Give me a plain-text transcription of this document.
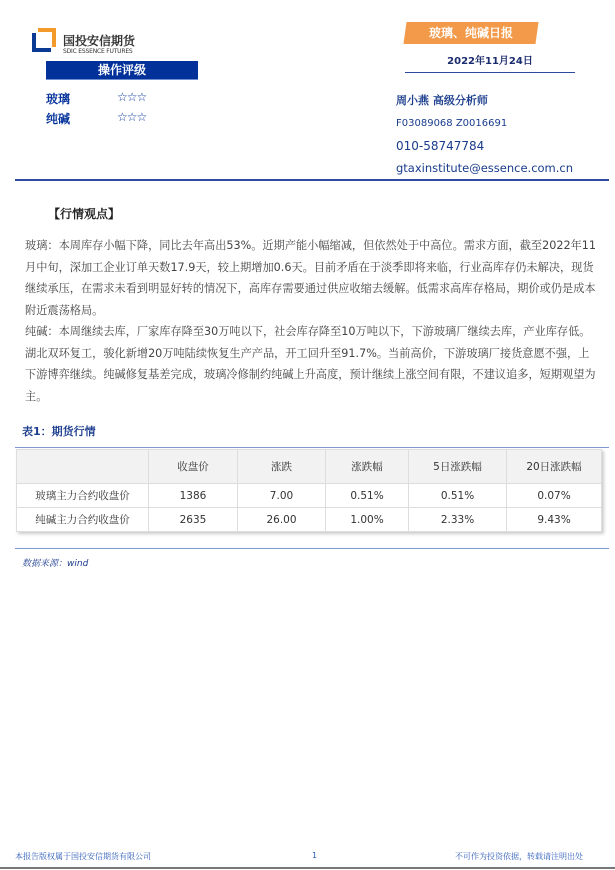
国投安信期货
SDIC ESSENCE FUTURES
玻璃、纯碱日报
2022年11月24日
操作评级
玻璃	☆☆☆
纯碱	☆☆☆
周小燕 高级分析师
F03089068 Z0016691
010-58747784
gtaxinstitute@essence.com.cn
【行情观点】

玻璃：本周库存小幅下降，同比去年高出53%。近期产能小幅缩减，但依然处于中高位。需求方面，截至2022年11月中旬，深加工企业订单天数17.9天，较上期增加0.6天。目前矛盾在于淡季即将来临，行业高库存仍未解决，现货继续承压，在需求未看到明显好转的情况下，高库存需要通过供应收缩去缓解。低需求高库存格局，期价或仍是成本附近震荡格局。

纯碱：本周继续去库，厂家库存降至30万吨以下，社会库存降至10万吨以下，下游玻璃厂继续去库，产业库存低。湖北双环复工，骏化新增20万吨陆续恢复生产产品，开工回升至91.7%。当前高价，下游玻璃厂接货意愿不强，上下游博弈继续。纯碱修复基差完成，玻璃冷修制约纯碱上升高度，预计继续上涨空间有限，不建议追多，短期观望为主。

表1：期货行情
	收盘价	涨跌	涨跌幅	5日涨跌幅	20日涨跌幅
玻璃主力合约收盘价	1386	7.00	0.51%	0.51%	0.07%
纯碱主力合约收盘价	2635	26.00	1.00%	2.33%	9.43%
数据来源：wind
本报告版权属于国投安信期货有限公司	1	不可作为投资依据，转载请注明出处
